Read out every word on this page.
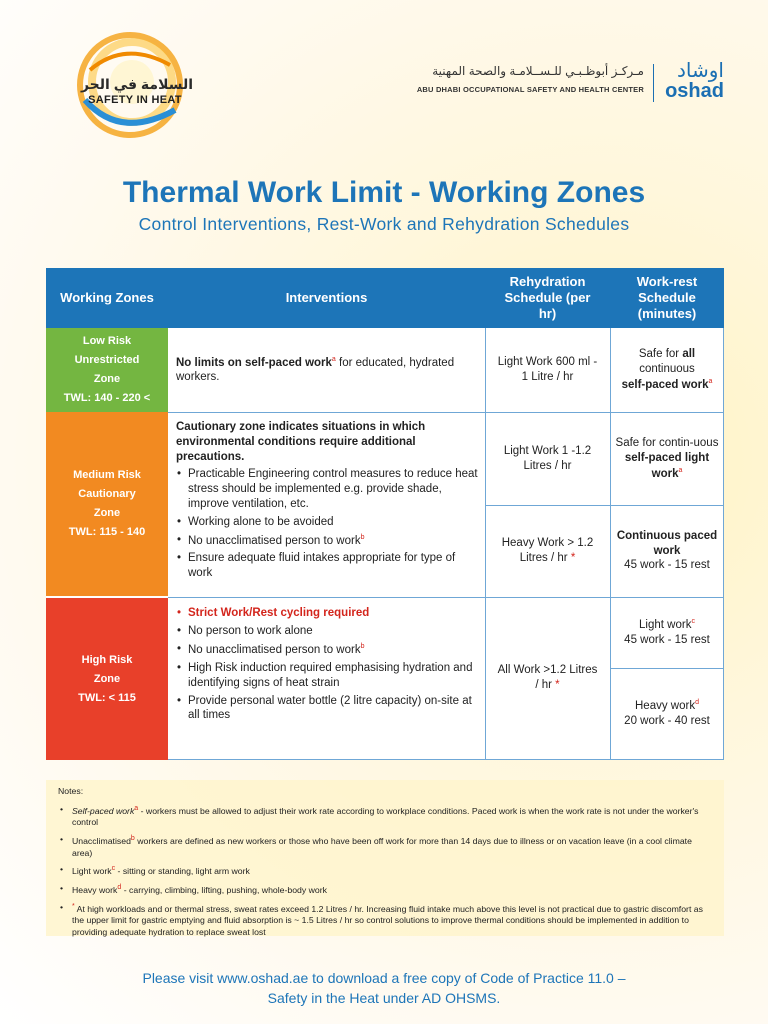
السلامة في الحر
SAFETY IN HEAT
مـركـز أبوظـبـي للـســلامـة والصحة المهنية
ABU DHABI OCCUPATIONAL SAFETY AND HEALTH CENTER
اوشاد
oshad
Thermal Work Limit - Working Zones
Control Interventions, Rest-Work and Rehydration Schedules
Working Zones	Interventions
Rehydration Schedule (per hr)
Work-rest Schedule (minutes)
Low Risk
Unrestricted
Zone
TWL: 140 - 220 <
Medium Risk
Cautionary
Zone
TWL: 115 - 140
High Risk
Zone
TWL: < 115
No limits on self-paced work$^a$ for educated, hydrated workers.
Light Work 600 ml - 1 Litre / hr
Safe for all
continuous
self-paced work$^a$
Cautionary zone indicates situations in which environmental conditions require additional precautions.
• Practicable Engineering control measures to reduce heat stress should be implemented e.g. provide shade, improve ventilation, etc.
• Working alone to be avoided
• No unacclimatised person to work$^b$
• Ensure adequate fluid intakes appropriate for type of work
Light Work 1 -1.2 Litres / hr
Heavy Work > 1.2 Litres / hr *
Safe for contin-uous
self-paced light work$^a$
Continuous paced work
45 work - 15 rest
• Strict Work/Rest cycling required
• No person to work alone
• No unacclimatised person to work$^b$
• High Risk induction required emphasising hydration and identifying signs of heat strain
• Provide personal water bottle (2 litre capacity) on-site at all times
All Work >1.2 Litres / hr *
Light work$^c$
45 work - 15 rest
Heavy work$^d$
20 work - 40 rest
Notes:
• Self-paced work$^a$ - workers must be allowed to adjust their work rate according to workplace conditions. Paced work is when the work rate is not under the worker's control
• Unacclimatised$^b$ workers are defined as new workers or those who have been off work for more than 14 days due to illness or on vacation leave (in a cool climate area)
• Light work$^c$ - sitting or standing, light arm work
• Heavy work$^d$ - carrying, climbing, lifting, pushing, whole-body work
• * At high workloads and or thermal stress, sweat rates exceed 1.2 Litres / hr. Increasing fluid intake much above this level is not practical due to gastric discomfort as the upper limit for gastric emptying and fluid absorption is ~ 1.5 Litres / hr so control solutions to improve thermal conditions should be implemented in addition to providing adequate hydration to replace sweat lost
Please visit www.oshad.ae to download a free copy of Code of Practice 11.0 –
Safety in the Heat under AD OHSMS.
